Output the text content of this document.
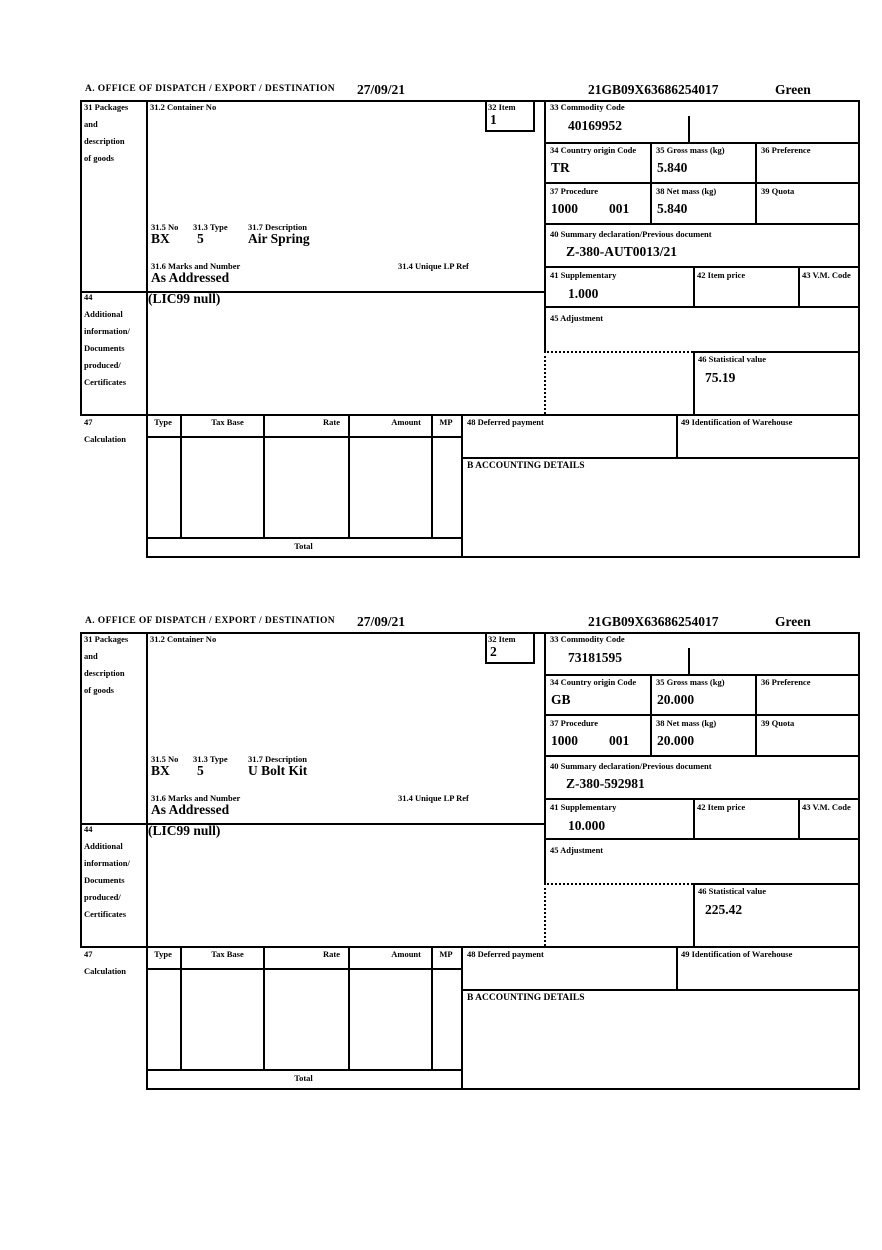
A. OFFICE OF DISPATCH / EXPORT / DESTINATION 27/09/21	21GB09X63686254017	Green
31 Packages
and
description
of goods
31.2 Container No	32 Item
1
33 Commodity Code
40169952
34 Country origin Code
TR
35 Gross mass (kg)
5.840
36 Preference
37 Procedure
1000 001
38 Net mass (kg)
5.840
39 Quota
40 Summary declaration/Previous document
Z-380-AUT0013/21
31.5 No 31.3 Type 31.7 Description
BX 5	Air Spring
31.6 Marks and Number	31.4 Unique LP Ref
As Addressed	41 Supplementary
1.000
42 Item price	43 V.M. Code
44
Additional
information/
Documents
produced/
Certificates
(LIC99 null)
45 Adjustment
46 Statistical value
75.19
47
Calculation
Type	Tax Base	Rate	Amount	MP	48 Deferred payment	49 Identification of Warehouse
B ACCOUNTING DETAILS
Total
A. OFFICE OF DISPATCH / EXPORT / DESTINATION 27/09/21	21GB09X63686254017	Green
31 Packages
and
description
of goods
31.2 Container No	32 Item
2
33 Commodity Code
73181595
34 Country origin Code
GB
35 Gross mass (kg)
20.000
36 Preference
37 Procedure
1000 001
38 Net mass (kg)
20.000
39 Quota
40 Summary declaration/Previous document
Z-380-592981
31.5 No 31.3 Type 31.7 Description
BX 5	U Bolt Kit
31.6 Marks and Number	31.4 Unique LP Ref
As Addressed	41 Supplementary
10.000
42 Item price	43 V.M. Code
44
Additional
information/
Documents
produced/
Certificates
(LIC99 null)
45 Adjustment
46 Statistical value
225.42
47
Calculation
Type	Tax Base	Rate	Amount	MP	48 Deferred payment	49 Identification of Warehouse
B ACCOUNTING DETAILS
Total
